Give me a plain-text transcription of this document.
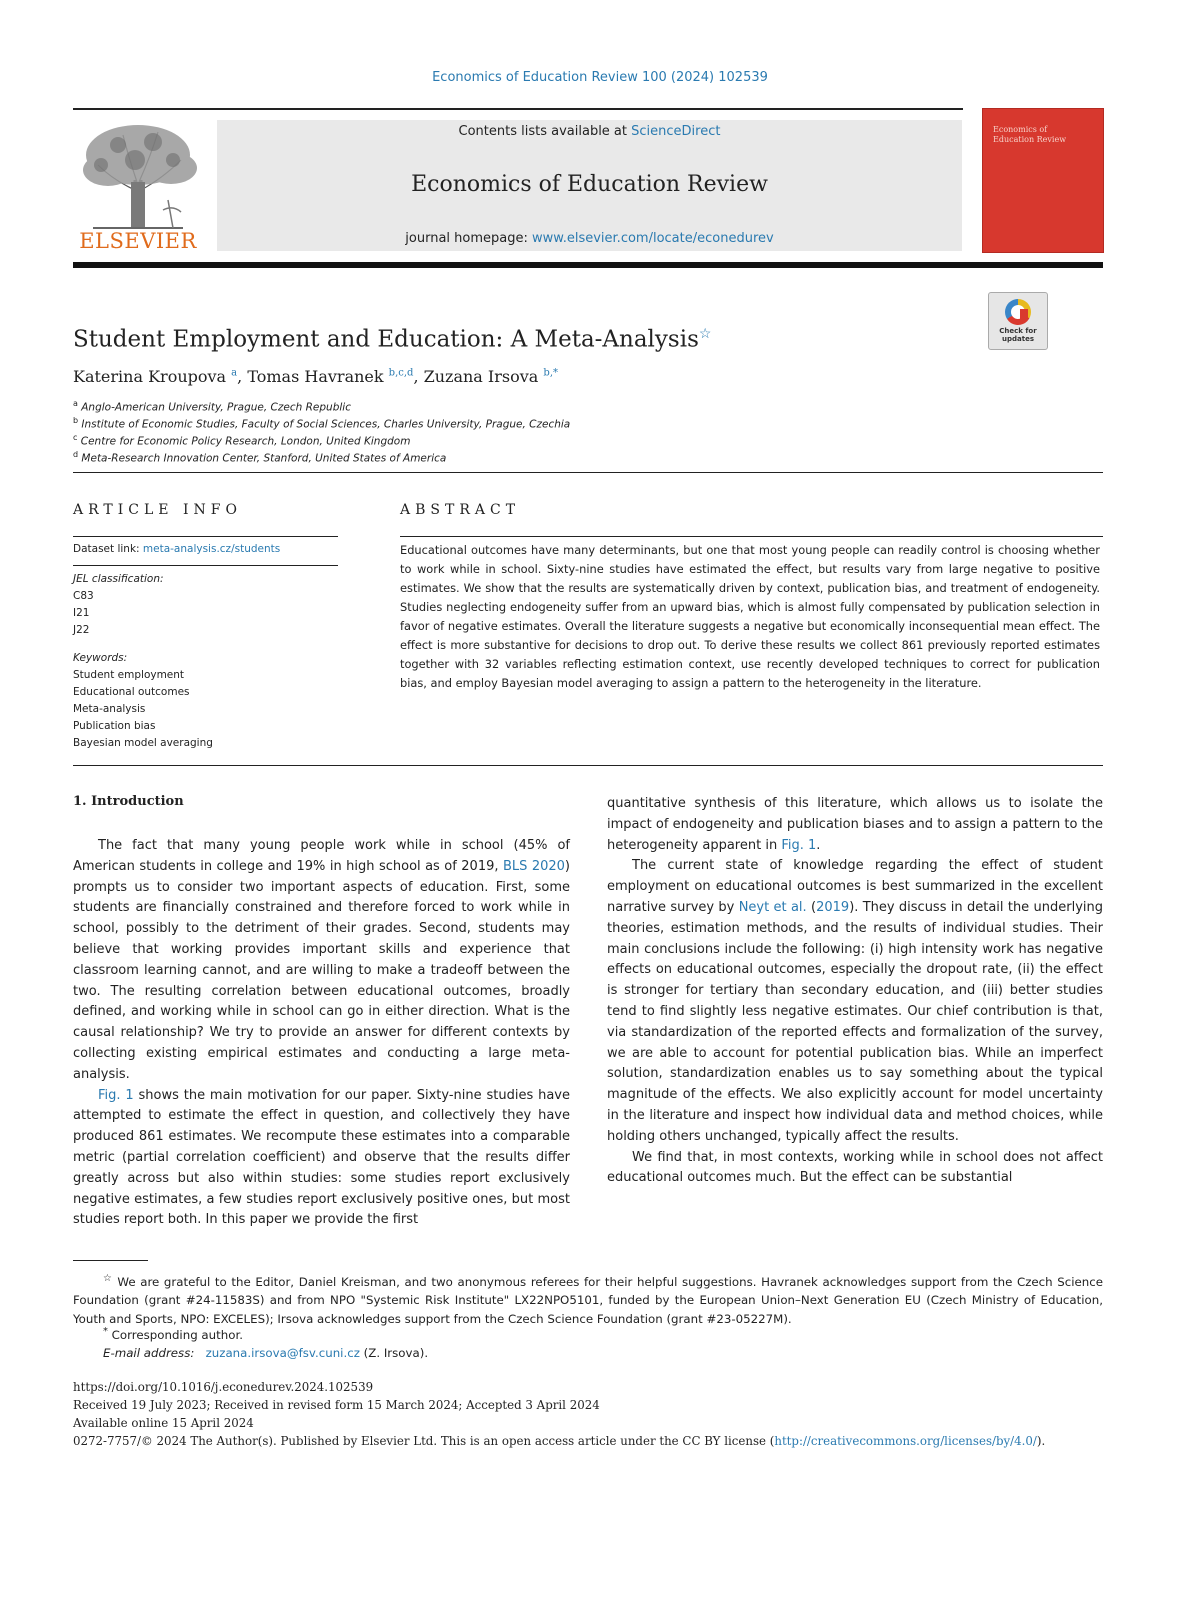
Economics of Education Review 100 (2024) 102539
ELSEVIER
Contents lists available at ScienceDirect
Economics of Education Review
journal homepage: www.elsevier.com/locate/econedurev
Economics of Education Review
Check for updates
Student Employment and Education: A Meta-Analysis☆
Katerina Kroupova $^a$, Tomas Havranek $^{b,c,d}$, Zuzana Irsova $^{b,*}$
$^a$ Anglo-American University, Prague, Czech Republic
$^b$ Institute of Economic Studies, Faculty of Social Sciences, Charles University, Prague, Czechia
$^c$ Centre for Economic Policy Research, London, United Kingdom
$^d$ Meta-Research Innovation Center, Stanford, United States of America
ARTICLE INFO
Dataset link: meta-analysis.cz/students
JEL classification:
C83
I21
J22
Keywords:
Student employment
Educational outcomes
Meta-analysis
Publication bias
Bayesian model averaging
ABSTRACT
Educational outcomes have many determinants, but one that most young people can readily control is choosing whether to work while in school. Sixty-nine studies have estimated the effect, but results vary from large negative to positive estimates. We show that the results are systematically driven by context, publication bias, and treatment of endogeneity. Studies neglecting endogeneity suffer from an upward bias, which is almost fully compensated by publication selection in favor of negative estimates. Overall the literature suggests a negative but economically inconsequential mean effect. The effect is more substantive for decisions to drop out. To derive these results we collect 861 previously reported estimates together with 32 variables reflecting estimation context, use recently developed techniques to correct for publication bias, and employ Bayesian model averaging to assign a pattern to the heterogeneity in the literature.
1. Introduction

The fact that many young people work while in school (45% of American students in college and 19% in high school as of 2019, BLS 2020) prompts us to consider two important aspects of education. First, some students are financially constrained and therefore forced to work while in school, possibly to the detriment of their grades. Second, students may believe that working provides important skills and experience that classroom learning cannot, and are willing to make a tradeoff between the two. The resulting correlation between educational outcomes, broadly defined, and working while in school can go in either direction. What is the causal relationship? We try to provide an answer for different contexts by collecting existing empirical estimates and conducting a large meta-analysis.

Fig. 1 shows the main motivation for our paper. Sixty-nine studies have attempted to estimate the effect in question, and collectively they have produced 861 estimates. We recompute these estimates into a comparable metric (partial correlation coefficient) and observe that the results differ greatly across but also within studies: some studies report exclusively negative estimates, a few studies report exclusively positive ones, but most studies report both. In this paper we provide the first

quantitative synthesis of this literature, which allows us to isolate the impact of endogeneity and publication biases and to assign a pattern to the heterogeneity apparent in Fig. 1.

The current state of knowledge regarding the effect of student employment on educational outcomes is best summarized in the excellent narrative survey by Neyt et al. (2019). They discuss in detail the underlying theories, estimation methods, and the results of individual studies. Their main conclusions include the following: (i) high intensity work has negative effects on educational outcomes, especially the dropout rate, (ii) the effect is stronger for tertiary than secondary education, and (iii) better studies tend to find slightly less negative estimates. Our chief contribution is that, via standardization of the reported effects and formalization of the survey, we are able to account for potential publication bias. While an imperfect solution, standardization enables us to say something about the typical magnitude of the effects. We also explicitly account for model uncertainty in the literature and inspect how individual data and method choices, while holding others unchanged, typically affect the results.

We find that, in most contexts, working while in school does not affect educational outcomes much. But the effect can be substantial

☆ We are grateful to the Editor, Daniel Kreisman, and two anonymous referees for their helpful suggestions. Havranek acknowledges support from the Czech Science Foundation (grant #24-11583S) and from NPO "Systemic Risk Institute" LX22NPO5101, funded by the European Union–Next Generation EU (Czech Ministry of Education, Youth and Sports, NPO: EXCELES); Irsova acknowledges support from the Czech Science Foundation (grant #23-05227M).
* Corresponding author.
E-mail address: zuzana.irsova@fsv.cuni.cz (Z. Irsova).
https://doi.org/10.1016/j.econedurev.2024.102539
Received 19 July 2023; Received in revised form 15 March 2024; Accepted 3 April 2024
Available online 15 April 2024
0272-7757/© 2024 The Author(s). Published by Elsevier Ltd. This is an open access article under the CC BY license (http://creativecommons.org/licenses/by/4.0/).
